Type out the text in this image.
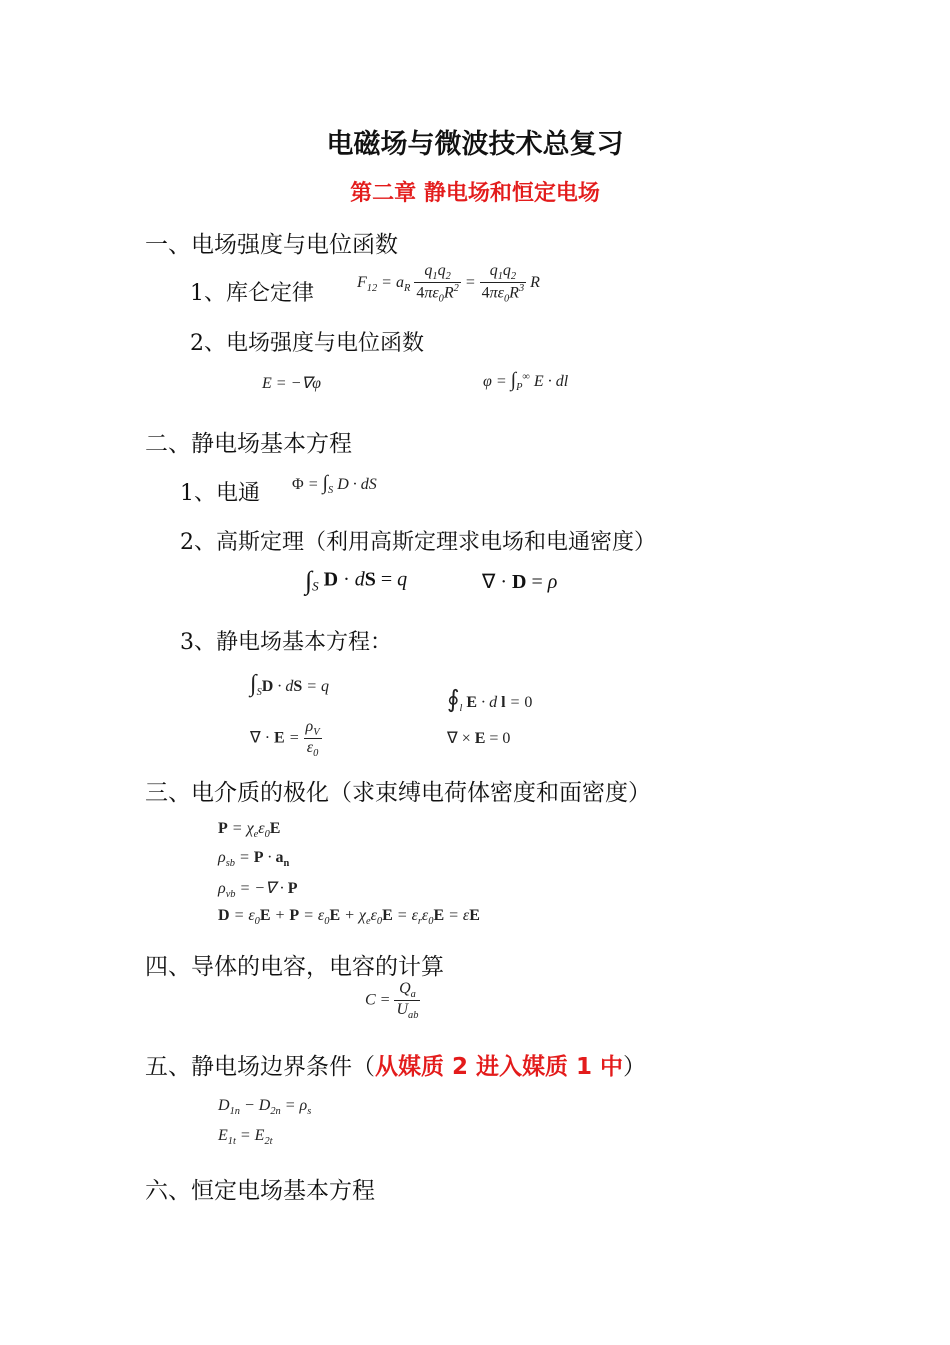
电磁场与微波技术总复习
第二章 静电场和恒定电场
一、电场强度与电位函数
1、库仑定律	$F_{12} = a_R \frac{q_1q_2}{4\pi\varepsilon_0R^2} = \frac{q_1q_2}{4\pi\varepsilon_0R^3}$ R
2、电场强度与电位函数
E = −∇φ	$\varphi = \int_P^\infty$ E · dl
二、静电场基本方程
1、电通 $\Phi = \int_S$ D · dS
2、高斯定理（利用高斯定理求电场和电通密度）
$\int_S$ D · dS = q	∇ · D = ρ
3、静电场基本方程：
$\int_SD$ · dS = q
∇ · $E = \frac{\rho_V}{\varepsilon_0}$
$∮_l$ E · d l = 0
∇ × E = 0
三、电介质的极化（求束缚电荷体密度和面密度）
$P = \chi_e\varepsilon_0E$
$\rho_{sb} = P \cdot a_n$
$\rho_{vb}$ = −∇ · P
$D = \varepsilon_0E + P = \varepsilon_0E + \chi_e\varepsilon_0E = \varepsilon_r\varepsilon_0E = \varepsilon E$
四、导体的电容，电容的计算
$C = \frac{Q_a}{U_{ab}}$
五、静电场边界条件（从媒质 2 进入媒质 1 中）
$D_{1n} - D_{2n} = \rho_s$
$E_{1t} = E_{2t}$
六、恒定电场基本方程
